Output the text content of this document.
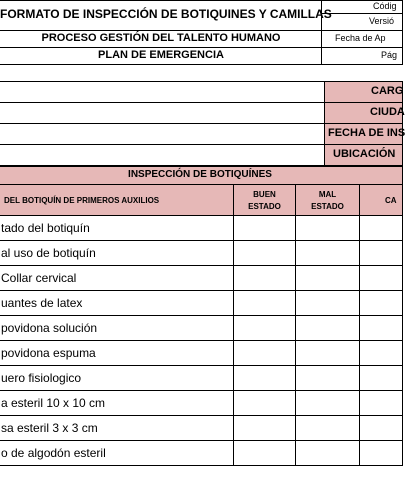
FORMATO DE INSPECCIÓN DE BOTIQUINES Y CAMILLAS
PROCESO GESTIÓN DEL TALENTO HUMANO
PLAN DE EMERGENCIA
Códig
Versió
Fecha de Ap
Pág
CARG
CIUDA
FECHA DE INS
UBICACIÓN
INSPECCIÓN DE BOTIQUÍNES
DEL BOTIQUÍN DE PRIMEROS AUXILIOS
BUEN
ESTADO
MAL
ESTADO
CA
tado del botiquín
al uso de botiquín
Collar cervical
uantes de latex
povidona solución
povidona espuma
uero fisiologico
a esteril 10 x 10 cm
sa esteril 3 x 3 cm
o de algodón esteril
